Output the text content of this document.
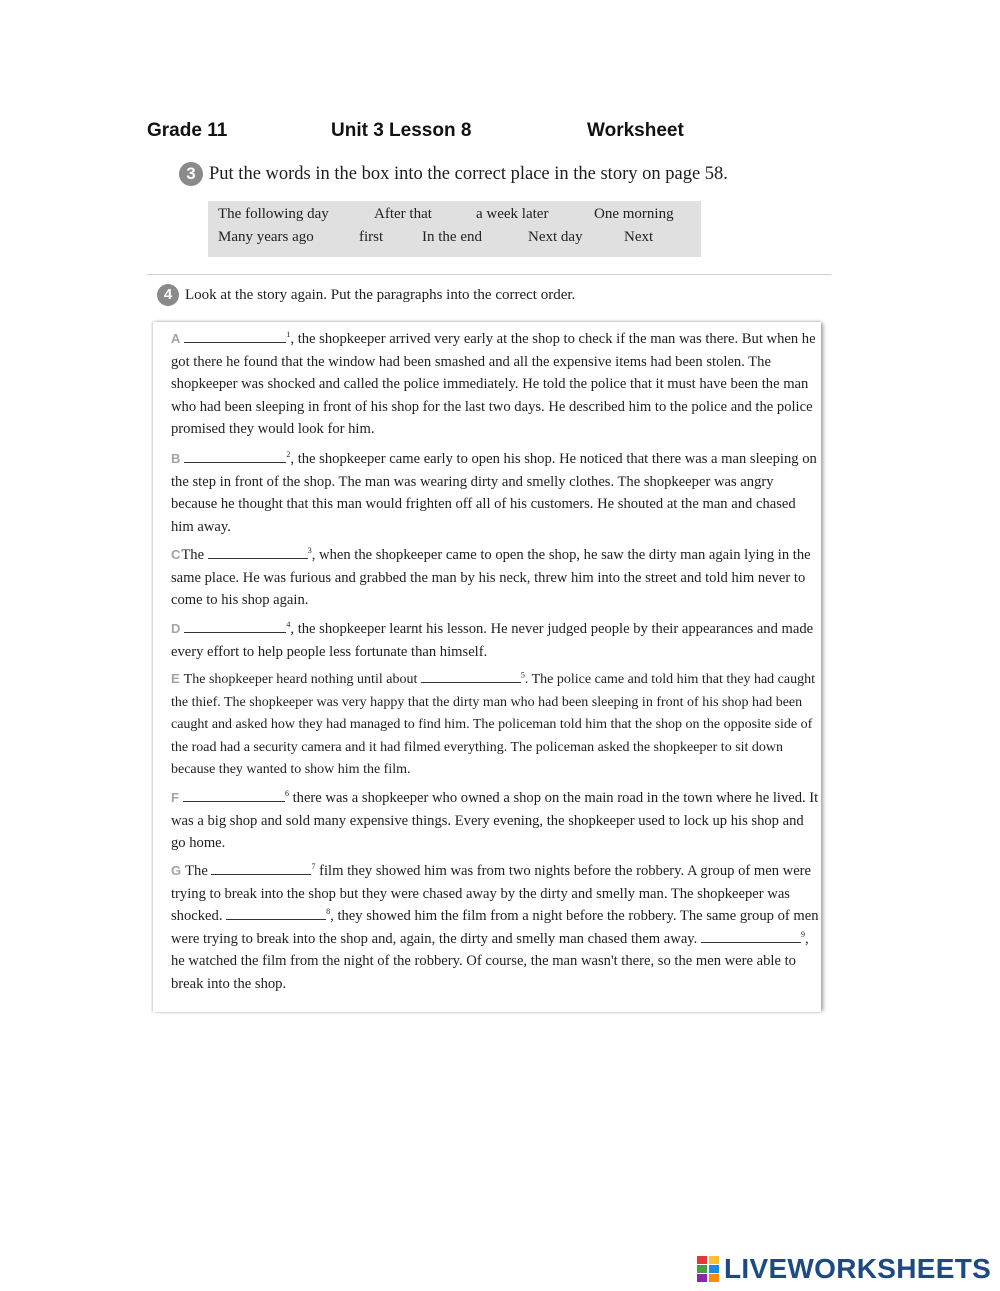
Grade 11	Unit 3 Lesson 8	Worksheet
3 Put the words in the box into the correct place in the story on page 58.
The following day	After that	a week later	One morning
Many years ago	first	In the end	Next day	Next
4 Look at the story again. Put the paragraphs into the correct order.
A	$^1$, the shopkeeper arrived very early at the shop to check if the man was there. But when he got there he found that the window had been smashed and all the expensive items had been stolen. The shopkeeper was shocked and called the police immediately. He told the police that it must have been the man who had been sleeping in front of his shop for the last two days. He described him to the police and the police promised they would look for him.
B	$^2$, the shopkeeper came early to open his shop. He noticed that there was a man sleeping on the step in front of the shop. The man was wearing dirty and smelly clothes. The shopkeeper was angry because he thought that this man would frighten off all of his customers. He shouted at the man and chased him away.
CThe	$^3$, when the shopkeeper came to open the shop, he saw the dirty man again lying in the same place. He was furious and grabbed the man by his neck, threw him into the street and told him never to come to his shop again.
D	$^4$, the shopkeeper learnt his lesson. He never judged people by their appearances and made every effort to help people less fortunate than himself.
E The shopkeeper heard nothing until about	$^5$. The police came and told him that they had caught the thief. The shopkeeper was very happy that the dirty man who had been sleeping in front of his shop had been caught and asked how they had managed to find him. The policeman told him that the shop on the opposite side of the road had a security camera and it had filmed everything. The policeman asked the shopkeeper to sit down because they wanted to show him the film.
F	$^6$ there was a shopkeeper who owned a shop on the main road in the town where he lived. It was a big shop and sold many expensive things. Every evening, the shopkeeper used to lock up his shop and go home.
G The	$^7$ film they showed him was from two nights before the robbery. A group of men were trying to break into the shop but they were chased away by the dirty and smelly man. The shopkeeper was shocked.	$^8$, they showed him the film from a night before the robbery. The same group of men were trying to break into the shop and, again, the dirty and smelly man chased them away.	$^9$, he watched the film from the night of the robbery. Of course, the man wasn't there, so the men were able to break into the shop.
LIVEWORKSHEETS
